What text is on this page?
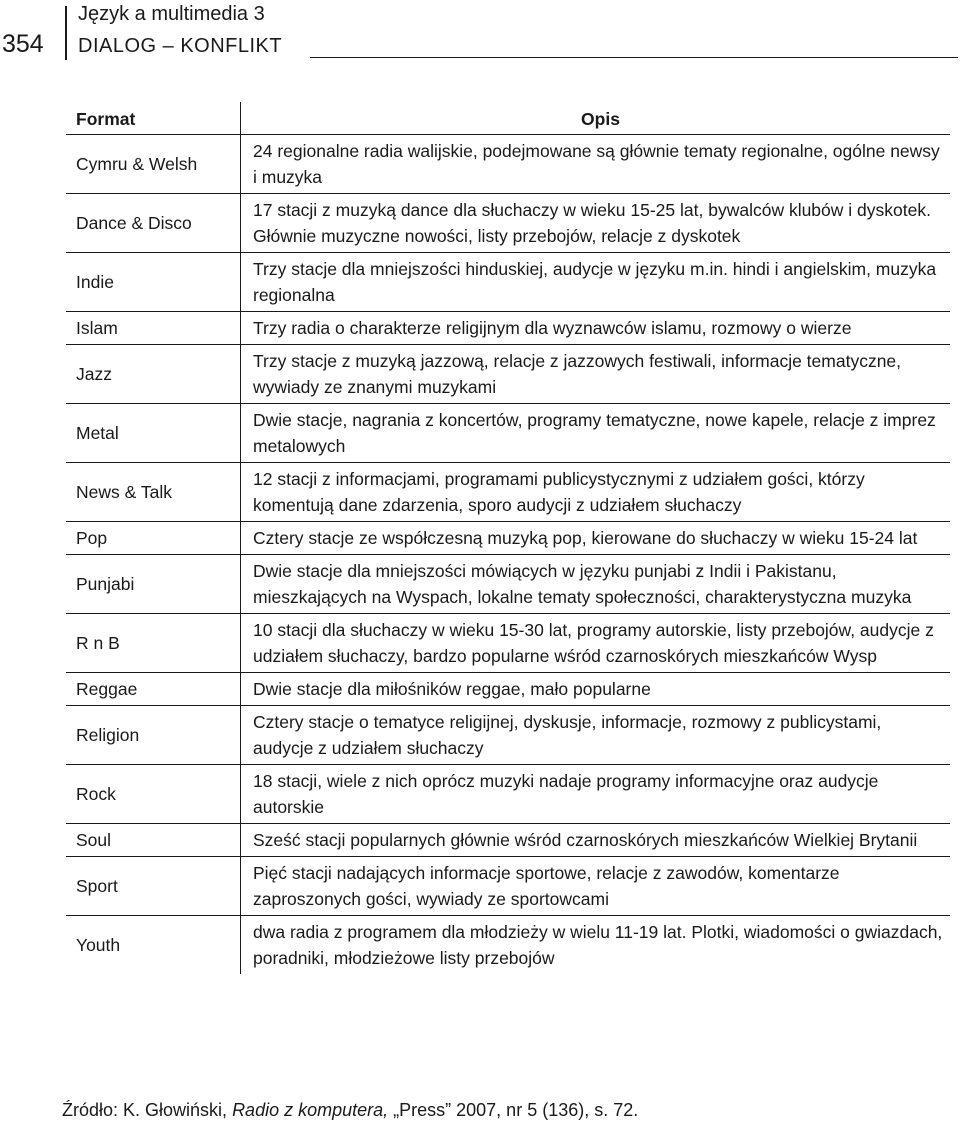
354
Język a multimedia 3
DIALOG – KONFLIKT
Format	Opis
Cymru & Welsh	24 regionalne radia walijskie, podejmowane są głównie tematy regionalne, ogólne newsy i muzyka
Dance & Disco	17 stacji z muzyką dance dla słuchaczy w wieku 15-25 lat, bywalców klubów i dyskotek. Głównie muzyczne nowości, listy przebojów, relacje z dyskotek
Indie	Trzy stacje dla mniejszości hinduskiej, audycje w języku m.in. hindi i angielskim, muzyka regionalna
Islam	Trzy radia o charakterze religijnym dla wyznawców islamu, rozmowy o wierze
Jazz	Trzy stacje z muzyką jazzową, relacje z jazzowych festiwali, informacje tematyczne, wywiady ze znanymi muzykami
Metal	Dwie stacje, nagrania z koncertów, programy tematyczne, nowe kapele, relacje z imprez metalowych
News & Talk	12 stacji z informacjami, programami publicystycznymi z udziałem gości, którzy komentują dane zdarzenia, sporo audycji z udziałem słuchaczy
Pop	Cztery stacje ze współczesną muzyką pop, kierowane do słuchaczy w wieku 15-24 lat
Punjabi	Dwie stacje dla mniejszości mówiących w języku punjabi z Indii i Pakistanu, mieszkających na Wyspach, lokalne tematy społeczności, charakterystyczna muzyka
R n B	10 stacji dla słuchaczy w wieku 15-30 lat, programy autorskie, listy przebojów, audycje z udziałem słuchaczy, bardzo popularne wśród czarnoskórych mieszkańców Wysp
Reggae	Dwie stacje dla miłośników reggae, mało popularne
Religion	Cztery stacje o tematyce religijnej, dyskusje, informacje, rozmowy z publicystami, audycje z udziałem słuchaczy
Rock	18 stacji, wiele z nich oprócz muzyki nadaje programy informacyjne oraz audycje autorskie
Soul	Sześć stacji popularnych głównie wśród czarnoskórych mieszkańców Wielkiej Brytanii
Sport	Pięć stacji nadających informacje sportowe, relacje z zawodów, komentarze zaproszonych gości, wywiady ze sportowcami
Youth	dwa radia z programem dla młodzieży w wielu 11-19 lat. Plotki, wiadomości o gwiazdach, poradniki, młodzieżowe listy przebojów
Źródło: K. Głowiński, Radio z komputera, „Press” 2007, nr 5 (136), s. 72.
